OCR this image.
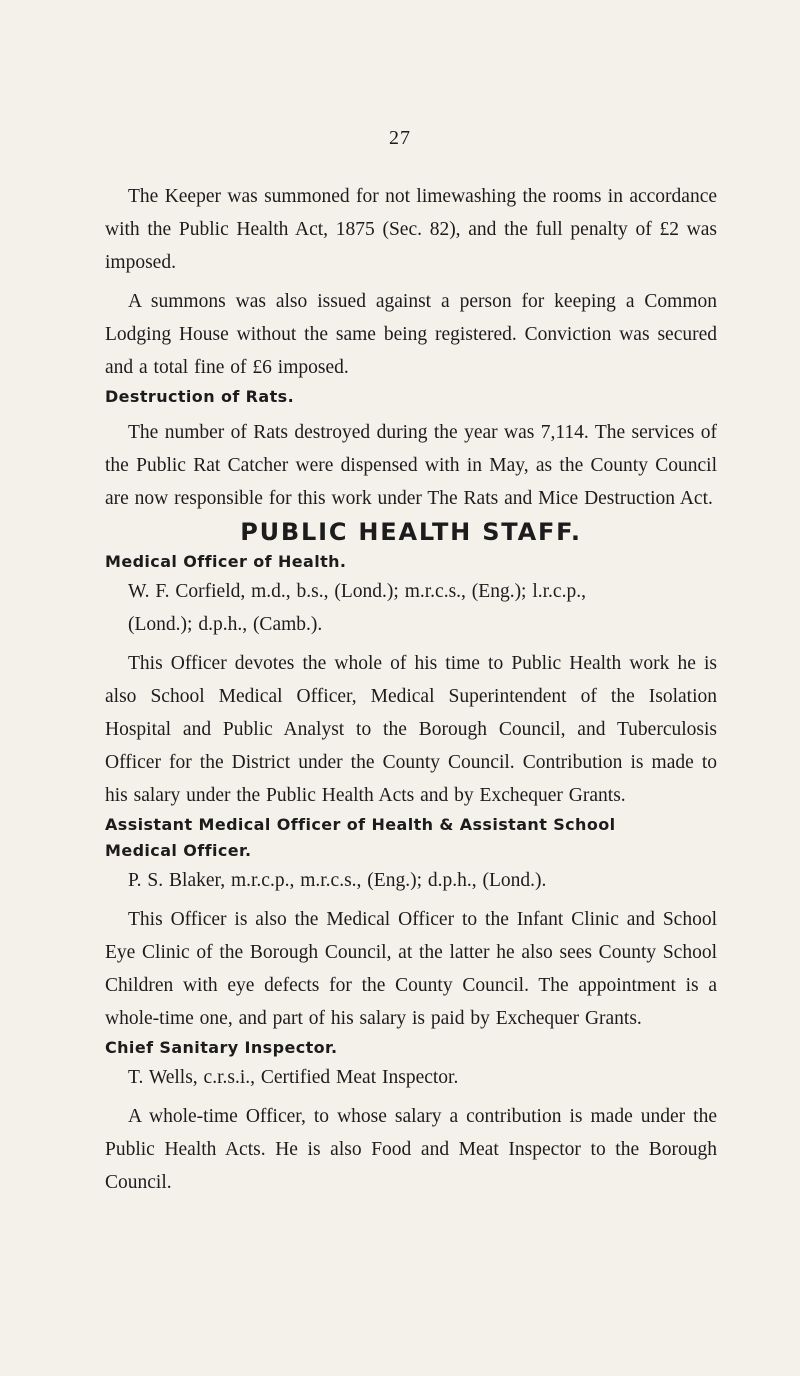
27

The Keeper was summoned for not limewashing the rooms in accordance with the Public Health Act, 1875 (Sec. 82), and the full penalty of £2 was imposed.

A summons was also issued against a person for keeping a Common Lodging House without the same being registered. Conviction was secured and a total fine of £6 imposed.

Destruction of Rats.

The number of Rats destroyed during the year was 7,114. The services of the Public Rat Catcher were dispensed with in May, as the County Council are now responsible for this work under The Rats and Mice Destruction Act.

PUBLIC HEALTH STAFF.
Medical Officer of Health.

W. F. Corfield, m.d., b.s., (Lond.); m.r.c.s., (Eng.); l.r.c.p.,

(Lond.); d.p.h., (Camb.).

This Officer devotes the whole of his time to Public Health work he is also School Medical Officer, Medical Superintendent of the Isolation Hospital and Public Analyst to the Borough Council, and Tuberculosis Officer for the District under the County Council. Contribution is made to his salary under the Public Health Acts and by Exchequer Grants.

Assistant Medical Officer of Health & Assistant School
Medical Officer.

P. S. Blaker, m.r.c.p., m.r.c.s., (Eng.); d.p.h., (Lond.).

This Officer is also the Medical Officer to the Infant Clinic and School Eye Clinic of the Borough Council, at the latter he also sees County School Children with eye defects for the County Council. The appointment is a whole-time one, and part of his salary is paid by Exchequer Grants.

Chief Sanitary Inspector.

T. Wells, c.r.s.i., Certified Meat Inspector.

A whole-time Officer, to whose salary a contribution is made under the Public Health Acts. He is also Food and Meat Inspector to the Borough Council.
